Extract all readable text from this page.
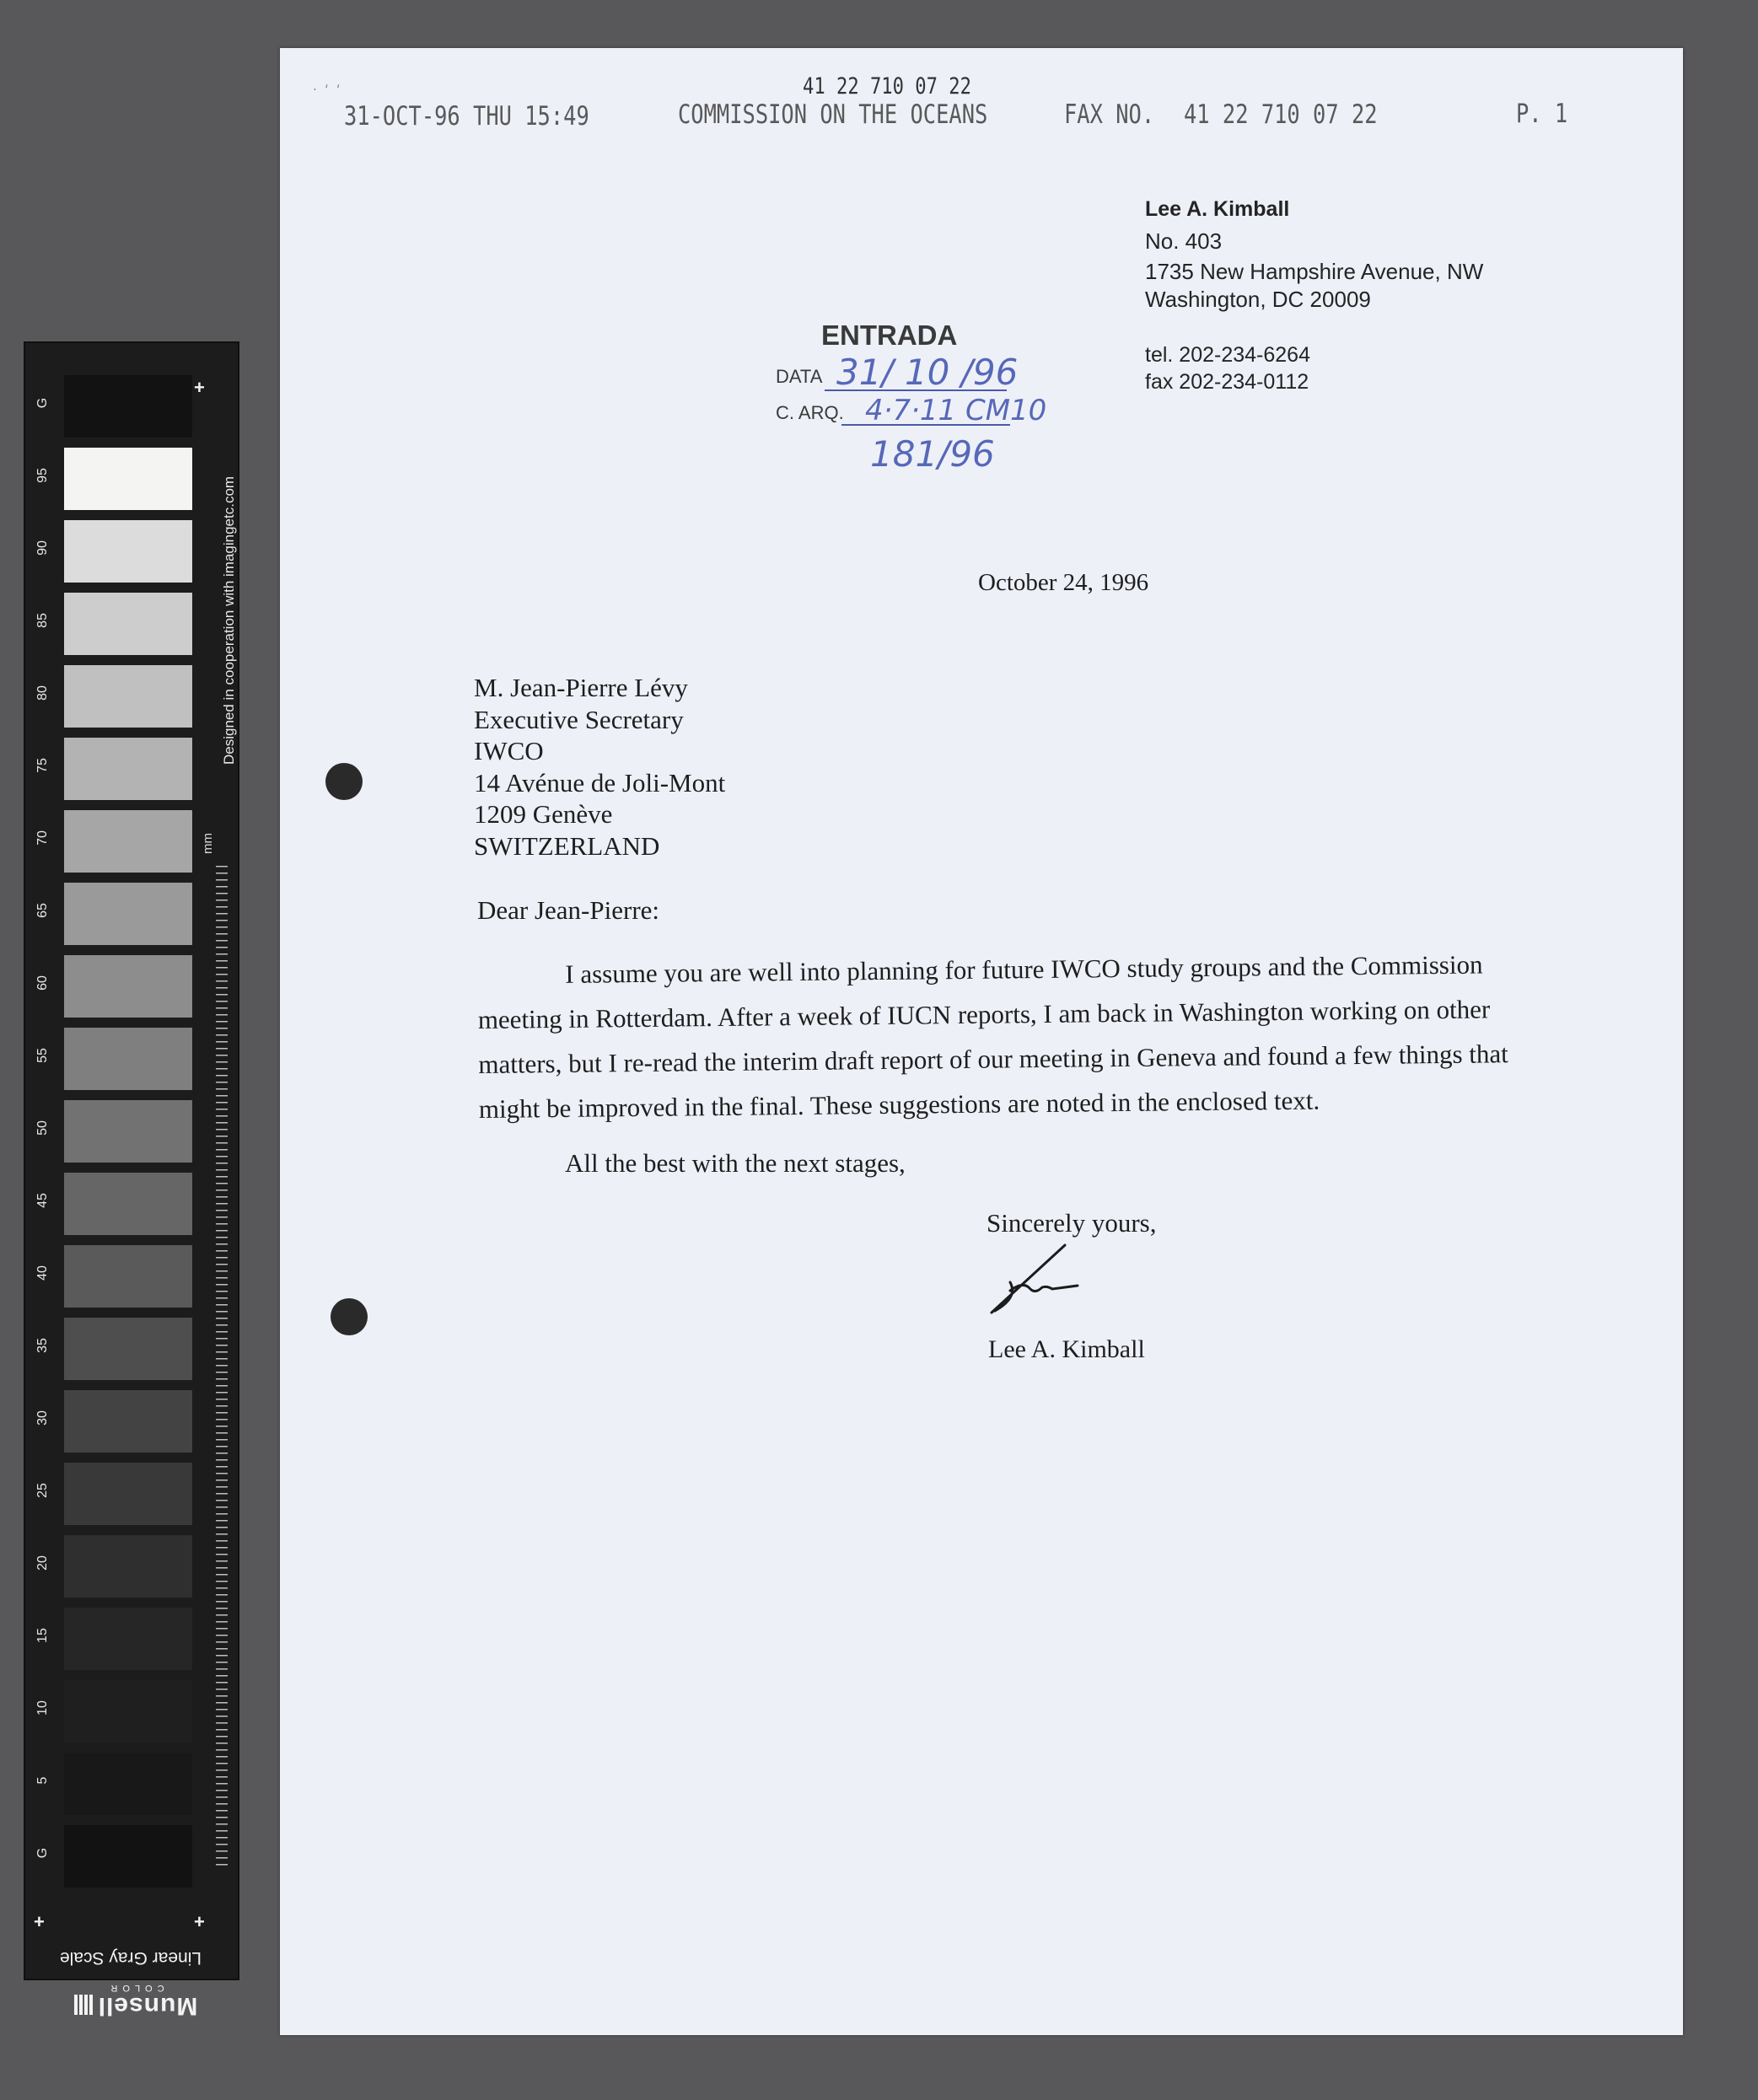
G
95
90
85
80
75
70
65
60
55
50
45
40
35
30
25
20
15
10
5
G
+
+	+
Designed in cooperation with imagingetc.com
mm
Linear Gray Scale
Munsell
COLOR
· ‘ ‘	41 22 710 07 22
31-OCT-96 THU 15:49	COMMISSION ON THE OCEANS	FAX NO. 41 22 710 07 22	P. 1
Lee A. Kimball
No. 403
1735 New Hampshire Avenue, NW
Washington, DC 20009
tel. 202-234-6264
fax 202-234-0112
ENTRADA
DATA 31/ 10 /96
C. ARQ. 4·7·11 CM10
181/96
October 24, 1996
M. Jean-Pierre Lévy
Executive Secretary
IWCO
14 Avénue de Joli-Mont
1209 Genève
SWITZERLAND
Dear Jean-Pierre:
I assume you are well into planning for future IWCO study groups and the Commission meeting in Rotterdam. After a week of IUCN reports, I am back in Washington working on other matters, but I re-read the interim draft report of our meeting in Geneva and found a few things that might be improved in the final. These suggestions are noted in the enclosed text.
All the best with the next stages,
Sincerely yours,
Lee A. Kimball
